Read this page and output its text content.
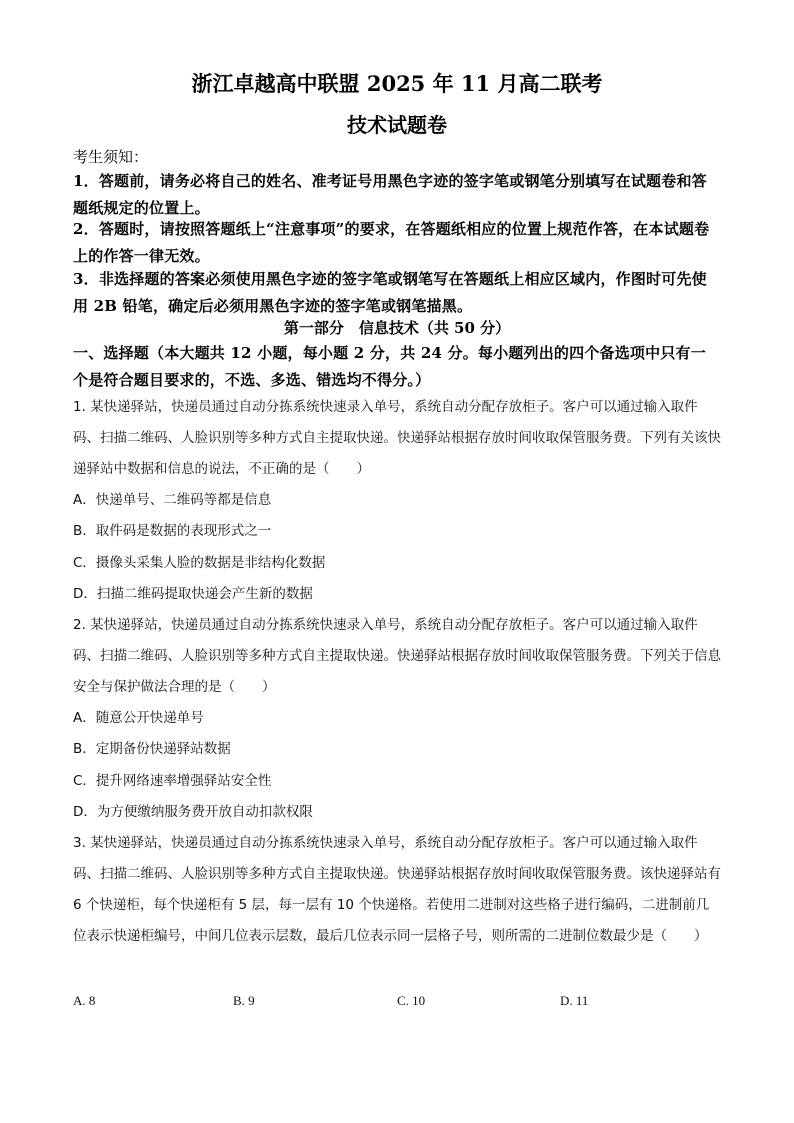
浙江卓越高中联盟 2025 年 11 月高二联考
技术试题卷
考生须知：
1．答题前，请务必将自己的姓名、准考证号用黑色字迹的签字笔或钢笔分别填写在试题卷和答题纸规定的位置上。
2．答题时，请按照答题纸上“注意事项”的要求，在答题纸相应的位置上规范作答，在本试题卷上的作答一律无效。
3．非选择题的答案必须使用黑色字迹的签字笔或钢笔写在答题纸上相应区域内，作图时可先使用 2B 铅笔，确定后必须用黑色字迹的签字笔或钢笔描黑。
第一部分　信息技术（共 50 分）
一、选择题（本大题共 12 小题，每小题 2 分，共 24 分。每小题列出的四个备选项中只有一个是符合题目要求的，不选、多选、错选均不得分。）
1. 某快递驿站，快递员通过自动分拣系统快速录入单号，系统自动分配存放柜子。客户可以通过输入取件码、扫描二维码、人脸识别等多种方式自主提取快递。快递驿站根据存放时间收取保管服务费。下列有关该快递驿站中数据和信息的说法，不正确的是（　　）
A．快递单号、二维码等都是信息
B．取件码是数据的表现形式之一
C．摄像头采集人脸的数据是非结构化数据
D．扫描二维码提取快递会产生新的数据
2. 某快递驿站，快递员通过自动分拣系统快速录入单号，系统自动分配存放柜子。客户可以通过输入取件码、扫描二维码、人脸识别等多种方式自主提取快递。快递驿站根据存放时间收取保管服务费。下列关于信息安全与保护做法合理的是（　　）
A．随意公开快递单号
B．定期备份快递驿站数据
C．提升网络速率增强驿站安全性
D．为方便缴纳服务费开放自动扣款权限
3. 某快递驿站，快递员通过自动分拣系统快速录入单号，系统自动分配存放柜子。客户可以通过输入取件码、扫描二维码、人脸识别等多种方式自主提取快递。快递驿站根据存放时间收取保管服务费。该快递驿站有 6 个快递柜，每个快递柜有 5 层，每一层有 10 个快递格。若使用二进制对这些格子进行编码，二进制前几位表示快递柜编号，中间几位表示层数，最后几位表示同一层格子号，则所需的二进制位数最少是（　　）
A. 8	B. 9	C. 10	D. 11
